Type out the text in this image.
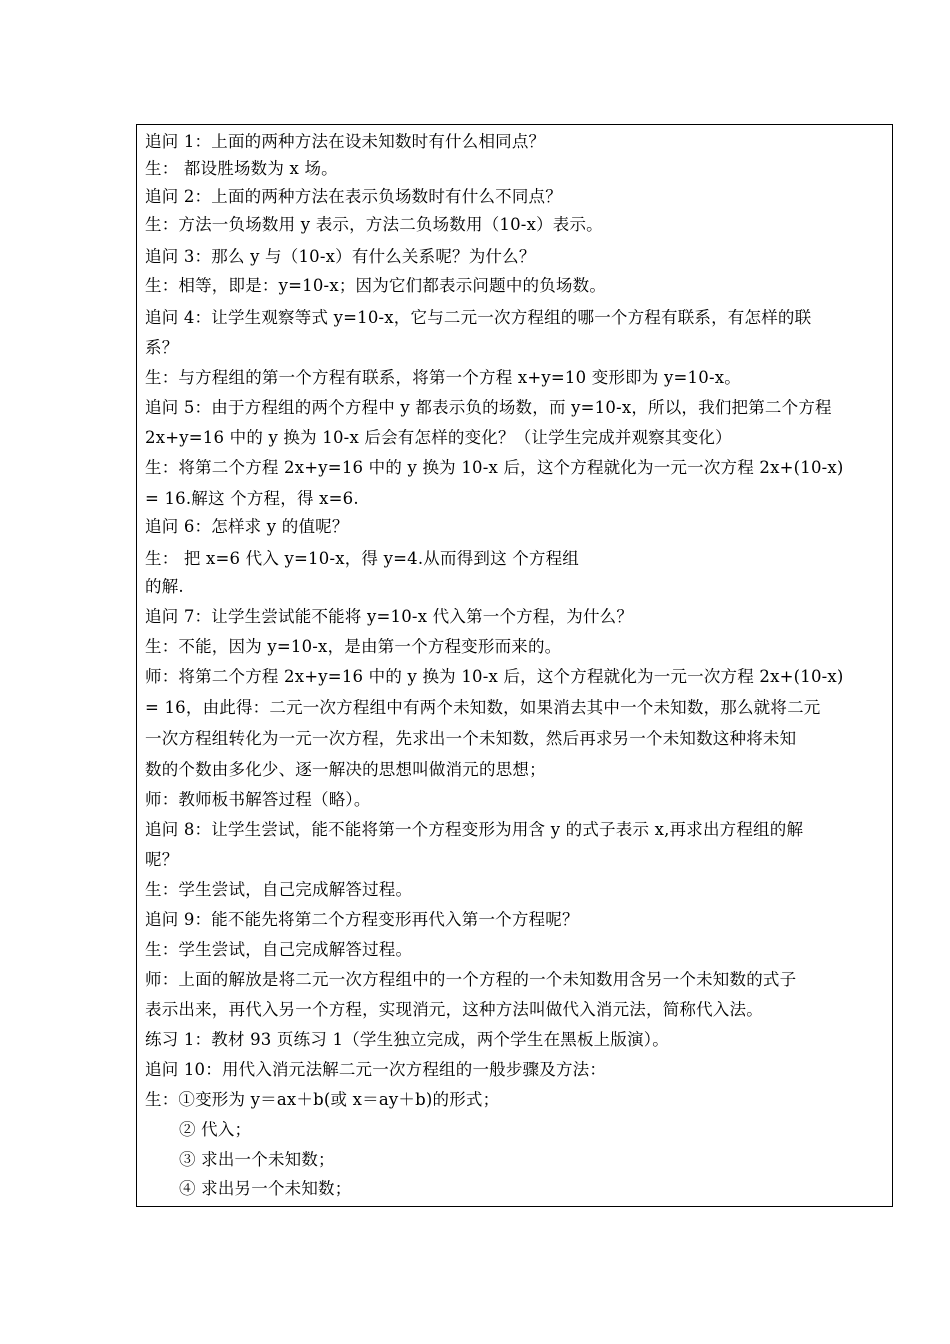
追问 1：上面的两种方法在设未知数时有什么相同点？
生： 都设胜场数为 x 场。
追问 2：上面的两种方法在表示负场数时有什么不同点？
生：方法一负场数用 y 表示，方法二负场数用（10-x）表示。
追问 3：那么 y 与（10-x）有什么关系呢？为什么？
生：相等，即是：y=10-x；因为它们都表示问题中的负场数。
追问 4：让学生观察等式 y=10-x，它与二元一次方程组的哪一个方程有联系，有怎样的联
系？
生：与方程组的第一个方程有联系，将第一个方程 x+y=10 变形即为 y=10-x。
追问 5：由于方程组的两个方程中 y 都表示负的场数，而 y=10-x，所以，我们把第二个方程
2x+y=16 中的 y 换为 10-x 后会有怎样的变化？（让学生完成并观察其变化）
生：将第二个方程 2x+y=16 中的 y 换为 10-x 后，这个方程就化为一元一次方程 2x+(10-x)
= 16.解这 个方程，得 x=6.
追问 6：怎样求 y 的值呢？
生： 把 x=6 代入 y=10-x，得 y=4.从而得到这 个方程组
的解.
追问 7：让学生尝试能不能将 y=10-x 代入第一个方程，为什么？
生：不能，因为 y=10-x，是由第一个方程变形而来的。
师：将第二个方程 2x+y=16 中的 y 换为 10-x 后，这个方程就化为一元一次方程 2x+(10-x)
= 16，由此得：二元一次方程组中有两个未知数，如果消去其中一个未知数，那么就将二元
一次方程组转化为一元一次方程，先求出一个未知数，然后再求另一个未知数这种将未知
数的个数由多化少、逐一解决的思想叫做消元的思想；
师：教师板书解答过程（略）。
追问 8：让学生尝试，能不能将第一个方程变形为用含 y 的式子表示 x,再求出方程组的解
呢？
生：学生尝试，自己完成解答过程。
追问 9：能不能先将第二个方程变形再代入第一个方程呢？
生：学生尝试，自己完成解答过程。
师：上面的解放是将二元一次方程组中的一个方程的一个未知数用含另一个未知数的式子
表示出来，再代入另一个方程，实现消元，这种方法叫做代入消元法，简称代入法。
练习 1：教材 93 页练习 1（学生独立完成，两个学生在黑板上版演）。
追问 10：用代入消元法解二元一次方程组的一般步骤及方法：
生：①变形为 y＝ax＋b(或 x＝ay＋b)的形式；
② 代入；
③ 求出一个未知数；
④ 求出另一个未知数；
